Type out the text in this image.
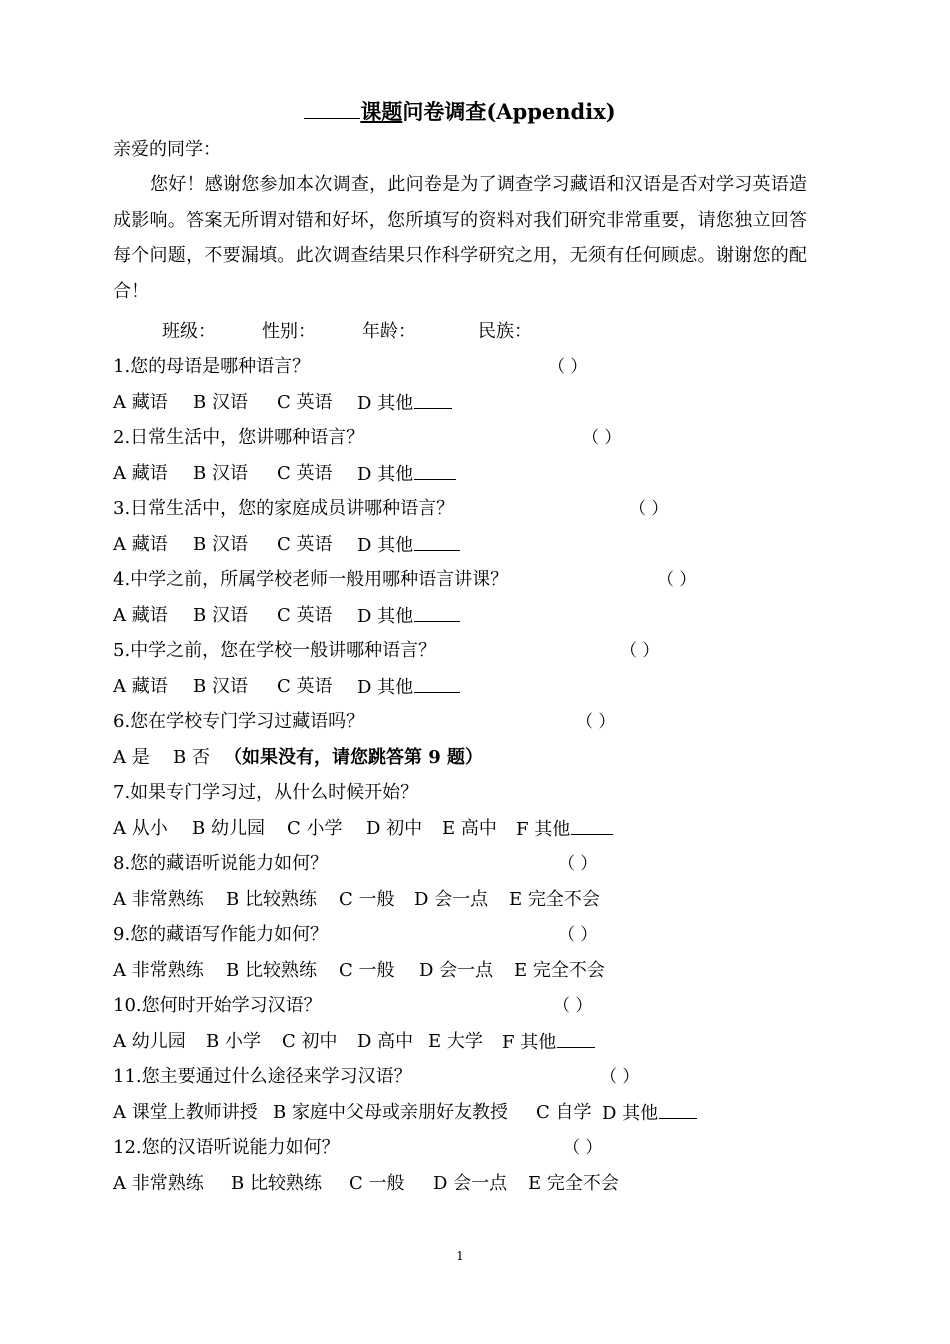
课题问卷调查(Appendix)
亲爱的同学：
您好！感谢您参加本次调查，此问卷是为了调查学习藏语和汉语是否对学习英语造成影响。答案无所谓对错和好坏，您所填写的资料对我们研究非常重要，请您独立回答每个问题，不要漏填。此次调查结果只作科学研究之用，无须有任何顾虑。谢谢您的配合！
班级：	性别：	年龄：	民族：
1.您的母语是哪种语言？	（ ）
A 藏语 B 汉语 C 英语 D 其他
2.日常生活中，您讲哪种语言？	（ ）
A 藏语 B 汉语 C 英语 D 其他
3.日常生活中，您的家庭成员讲哪种语言？	（ ）
A 藏语 B 汉语 C 英语 D 其他
4.中学之前，所属学校老师一般用哪种语言讲课？	（ ）
A 藏语 B 汉语 C 英语 D 其他
5.中学之前，您在学校一般讲哪种语言？	（ ）
A 藏语 B 汉语 C 英语 D 其他
6.您在学校专门学习过藏语吗？	（ ）
A 是 B 否 （如果没有，请您跳答第 9 题）
7.如果专门学习过，从什么时候开始？
A 从小 B 幼儿园 C 小学 D 初中 E 高中 F 其他
8.您的藏语听说能力如何？	（ ）
A 非常熟练 B 比较熟练 C 一般 D 会一点 E 完全不会
9.您的藏语写作能力如何？	（ ）
A 非常熟练 B 比较熟练 C 一般 D 会一点 E 完全不会
10.您何时开始学习汉语？	（ ）
A 幼儿园 B 小学 C 初中 D 高中 E 大学 F 其他
11.您主要通过什么途径来学习汉语？	（ ）
A 课堂上教师讲授 B 家庭中父母或亲朋好友教授 C 自学 D 其他
12.您的汉语听说能力如何？	（ ）
A 非常熟练 B 比较熟练 C 一般 D 会一点 E 完全不会
1
